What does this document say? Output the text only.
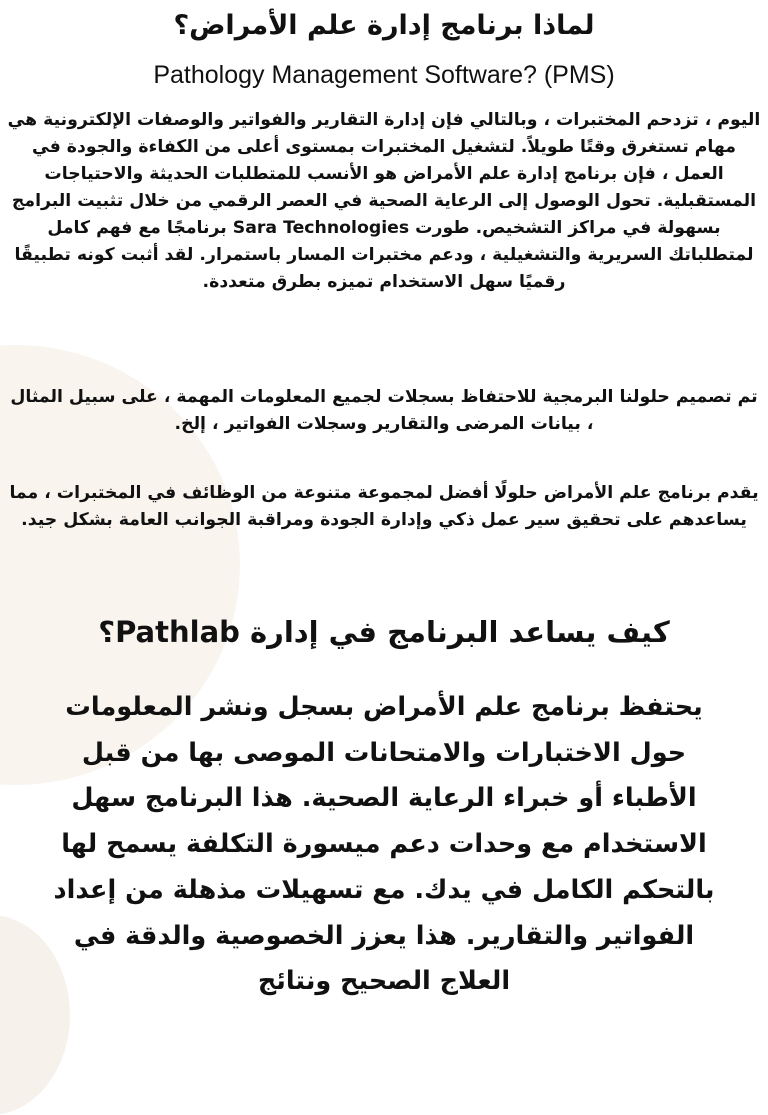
لماذا برنامج إدارة علم الأمراض؟
Pathology Management Software? (PMS)

اليوم ، تزدحم المختبرات ، وبالتالي فإن إدارة التقارير والفواتير والوصفات الإلكترونية هي مهام تستغرق وقتًا طويلاً. لتشغيل المختبرات بمستوى أعلى من الكفاءة والجودة في العمل ، فإن برنامج إدارة علم الأمراض هو الأنسب للمتطلبات الحديثة والاحتياجات المستقبلية. تحول الوصول إلى الرعاية الصحية في العصر الرقمي من خلال تثبيت البرامج بسهولة في مراكز التشخيص. طورت Sara Technologies برنامجًا مع فهم كامل لمتطلباتك السريرية والتشغيلية ، ودعم مختبرات المسار باستمرار. لقد أثبت كونه تطبيقًا رقميًا سهل الاستخدام تميزه بطرق متعددة.

تم تصميم حلولنا البرمجية للاحتفاظ بسجلات لجميع المعلومات المهمة ، على سبيل المثال ، بيانات المرضى والتقارير وسجلات الفواتير ، إلخ.

يقدم برنامج علم الأمراض حلولًا أفضل لمجموعة متنوعة من الوظائف في المختبرات ، مما يساعدهم على تحقيق سير عمل ذكي وإدارة الجودة ومراقبة الجوانب العامة بشكل جيد.

كيف يساعد البرنامج في إدارة Pathlab؟

يحتفظ برنامج علم الأمراض بسجل ونشر المعلومات حول الاختبارات والامتحانات الموصى بها من قبل الأطباء أو خبراء الرعاية الصحية. هذا البرنامج سهل الاستخدام مع وحدات دعم ميسورة التكلفة يسمح لها بالتحكم الكامل في يدك. مع تسهيلات مذهلة من إعداد الفواتير والتقارير. هذا يعزز الخصوصية والدقة في العلاج الصحيح ونتائج
